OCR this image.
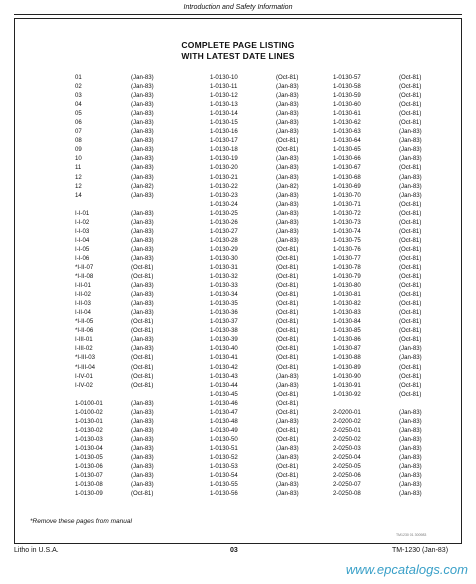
Introduction and Safety Information
COMPLETE PAGE LISTING
WITH LATEST DATE LINES
01	(Jan-83)
02	(Jan-83)
03	(Jan-83)
04	(Jan-83)
05	(Jan-83)
06	(Jan-83)
07	(Jan-83)
08	(Jan-83)
09	(Jan-83)
10	(Jan-83)
11	(Jan-83)
12	(Jan-83)
12	(Jan-82)
14	(Jan-83)
I-I-01	(Jan-83)
I-I-02	(Jan-83)
I-I-03	(Jan-83)
I-I-04	(Jan-83)
I-I-05	(Jan-83)
I-I-06	(Jan-83)
*I-II-07	(Oct-81)
*I-II-08	(Oct-81)
I-II-01	(Jan-83)
I-II-02	(Jan-83)
I-II-03	(Jan-83)
I-II-04	(Jan-83)
*I-II-05	(Oct-81)
*I-II-06	(Oct-81)
I-III-01	(Jan-83)
I-III-02	(Jan-83)
*I-III-03	(Oct-81)
*I-III-04	(Oct-81)
I-IV-01	(Oct-81)
I-IV-02	(Oct-81)
1-0100-01	(Jan-83)
1-0100-02	(Jan-83)
1-0130-01	(Jan-83)
1-0130-02	(Jan-83)
1-0130-03	(Jan-83)
1-0130-04	(Jan-83)
1-0130-05	(Jan-83)
1-0130-06	(Jan-83)
1-0130-07	(Jan-83)
1-0130-08	(Jan-83)
1-0130-09	(Oct-81)
1-0130-10	(Oct-81)
1-0130-11	(Jan-83)
1-0130-12	(Jan-83)
1-0130-13	(Jan-83)
1-0130-14	(Jan-83)
1-0130-15	(Jan-83)
1-0130-16	(Jan-83)
1-0130-17	(Oct-81)
1-0130-18	(Oct-81)
1-0130-19	(Jan-83)
1-0130-20	(Jan-83)
1-0130-21	(Jan-83)
1-0130-22	(Jan-82)
1-0130-23	(Jan-83)
1-0130-24	(Jan-83)
1-0130-25	(Jan-83)
1-0130-26	(Jan-83)
1-0130-27	(Jan-83)
1-0130-28	(Jan-83)
1-0130-29	(Oct-81)
1-0130-30	(Oct-81)
1-0130-31	(Oct-81)
1-0130-32	(Oct-81)
1-0130-33	(Oct-81)
1-0130-34	(Oct-81)
1-0130-35	(Oct-81)
1-0130-36	(Oct-81)
1-0130-37	(Oct-81)
1-0130-38	(Oct-81)
1-0130-39	(Oct-81)
1-0130-40	(Oct-81)
1-0130-41	(Oct-81)
1-0130-42	(Oct-81)
1-0130-43	(Jan-83)
1-0130-44	(Jan-83)
1-0130-45	(Oct-81)
1-0130-46	(Oct-81)
1-0130-47	(Oct-81)
1-0130-48	(Jan-83)
1-0130-49	(Oct-81)
1-0130-50	(Oct-81)
1-0130-51	(Jan-83)
1-0130-52	(Jan-83)
1-0130-53	(Oct-81)
1-0130-54	(Oct-81)
1-0130-55	(Jan-83)
1-0130-56	(Jan-83)
1-0130-57	(Oct-81)
1-0130-58	(Oct-81)
1-0130-59	(Oct-81)
1-0130-60	(Oct-81)
1-0130-61	(Oct-81)
1-0130-62	(Oct-81)
1-0130-63	(Jan-83)
1-0130-64	(Jan-83)
1-0130-65	(Jan-83)
1-0130-66	(Jan-83)
1-0130-67	(Oct-81)
1-0130-68	(Jan-83)
1-0130-69	(Jan-83)
1-0130-70	(Jan-83)
1-0130-71	(Oct-81)
1-0130-72	(Oct-81)
1-0130-73	(Oct-81)
1-0130-74	(Oct-81)
1-0130-75	(Oct-81)
1-0130-76	(Oct-81)
1-0130-77	(Oct-81)
1-0130-78	(Oct-81)
1-0130-79	(Oct-81)
1-0130-80	(Oct-81)
1-0130-81	(Oct-81)
1-0130-82	(Oct-81)
1-0130-83	(Oct-81)
1-0130-84	(Oct-81)
1-0130-85	(Oct-81)
1-0130-86	(Oct-81)
1-0130-87	(Jan-83)
1-0130-88	(Jan-83)
1-0130-89	(Oct-81)
1-0130-90	(Oct-81)
1-0130-91	(Oct-81)
1-0130-92	(Oct-81)
2-0200-01	(Jan-83)
2-0200-02	(Jan-83)
2-0250-01	(Jan-83)
2-0250-02	(Jan-83)
2-0250-03	(Jan-83)
2-0250-04	(Jan-83)
2-0250-05	(Jan-83)
2-0250-06	(Jan-83)
2-0250-07	(Jan-83)
2-0250-08	(Jan-83)
*Remove these pages from manual
TM1230 01 300983
Litho in U.S.A.	03	TM-1230 (Jan-83)
www.epcatalogs.com
